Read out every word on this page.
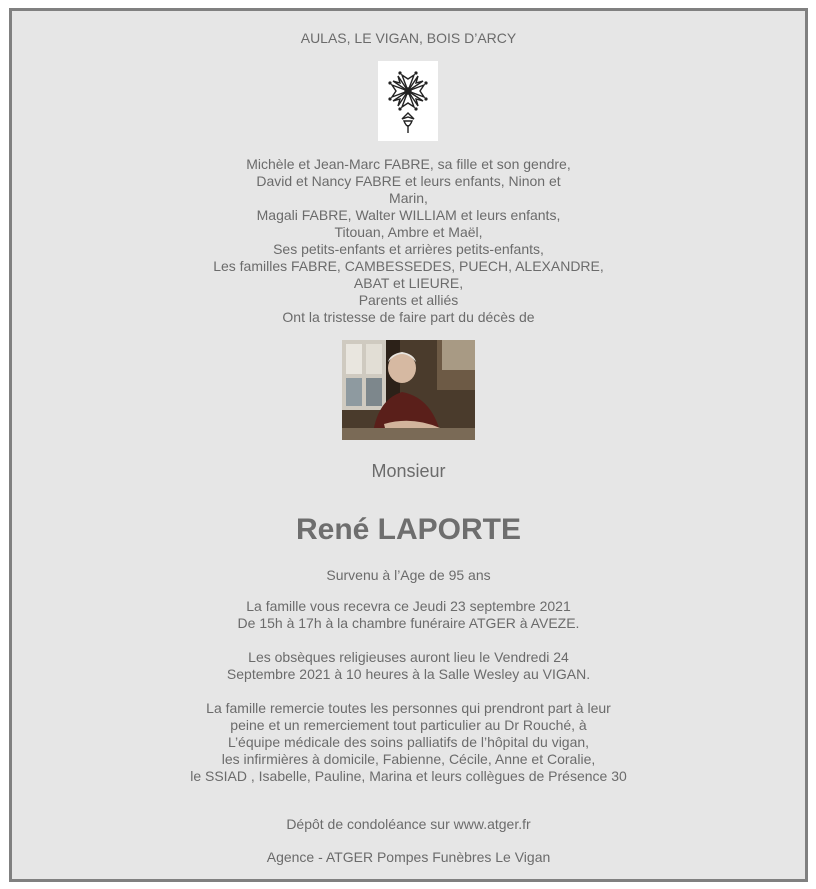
AULAS, LE VIGAN, BOIS D’ARCY
Michèle et Jean-Marc FABRE, sa fille et son gendre,
David et Nancy FABRE et leurs enfants, Ninon et
Marin,
Magali FABRE, Walter WILLIAM et leurs enfants,
Titouan, Ambre et Maël,
Ses petits-enfants et arrières petits-enfants,
Les familles FABRE, CAMBESSEDES, PUECH, ALEXANDRE,
ABAT et LIEURE,
Parents et alliés
Ont la tristesse de faire part du décès de
Monsieur
René LAPORTE
Survenu à l’Age de 95 ans
La famille vous recevra ce Jeudi 23 septembre 2021
De 15h à 17h à la chambre funéraire ATGER à AVEZE.
Les obsèques religieuses auront lieu le Vendredi 24
Septembre 2021 à 10 heures à la Salle Wesley au VIGAN.
La famille remercie toutes les personnes qui prendront part à leur
peine et un remerciement tout particulier au Dr Rouché, à
L’équipe médicale des soins palliatifs de l’hôpital du vigan,
les infirmières à domicile, Fabienne, Cécile, Anne et Coralie,
le SSIAD , Isabelle, Pauline, Marina et leurs collègues de Présence 30
Dépôt de condoléance sur www.atger.fr
Agence - ATGER Pompes Funèbres Le Vigan
